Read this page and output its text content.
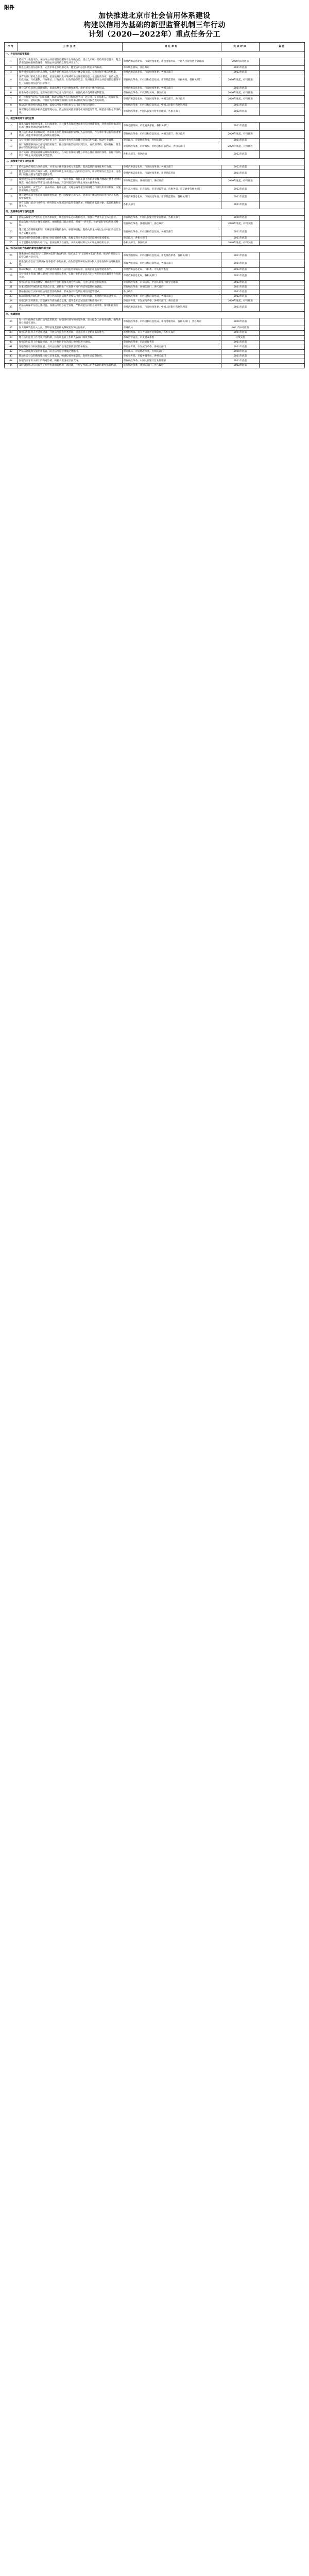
附件
加快推进北京市社会信用体系建设
构建以信用为基础的新型监管机制三年行动
计划（2020—2022年）重点任务分工
序号	工作任务	责任单位	完成时限	备注
一、夯实信用监管基础				
1	依托市大数据平台，加快市公共信用信息服务平台升级改造，建立全市统一的信用信息目录，健全信用信息标准规范体系，推进公共信用信息归集共享工作。	市经济和信息化局、市发展改革委、市政务服务局、中国人民银行营业管理部	2020年6月底前	
2	推进企业信用信息归集，完善市场主体信用记录，健全信用信息归集目录和标准。	市市场监管局，各区政府	2021年底前	
3	推进重点领域信用信息归集，实现各类信用信息与市场主体全面关联，完善市场主体信用档案。	市经济和信息化局、市发展改革委，各相关部门	2022年底前	
4	各有关部门要结合自身职责，依法依规归集本领域市场主体信用信息，包括行政许可、行政处罚、行政检查、行政强制、行政确认、行政裁决、行政奖励等信息，及时推送至市公共信用信息服务平台，实现信用信息“应归尽归”。	市发展改革委、市经济和信息化局、市市场监管局、市税务局，各相关部门	2020年底起，持续推进	
5	建立信用信息异议处理机制，依法依规完善信用修复流程，保护市场主体合法权益。	市经济和信息化局、市发展改革委，各相关部门	2021年底前	
6	推进政务诚信建设，完善政府部门和公务员信用记录，加强政府守信践诺机制建设。	市发展改革委、市政务服务局，各区政府	2020年底起，持续推进	
7	进一步优化“信用+”应用场景，推动信用报告在行政管理中的广泛应用，在市场准入、资质审核、政府采购、招标投标、评优评先等领域全面推行信用承诺制度和信用报告查询制度。	市经济和信息化局、市发展改革委，各相关部门，各区政府	2020年底起，持续推进	
8	推动信用服务机构规范发展，鼓励信用服务机构参与信用监管和信用评价。	市发展改革委、市经济和信息化局，中国人民银行营业管理部	2021年底前	
9	研究制定信用服务机构监督管理办法，依法加强对信用服务机构的监督管理，规范信用服务市场秩序。	市发展改革委、中国人民银行营业管理部，各相关部门	2022年底前	
二、健全事前环节信用监管				
10	深化行政审批制度改革，在行政审批、公共服务等领域全面推行信用承诺制度，对作出信用承诺的市场主体提供容缺受理等便利。	市政务服务局、市发展改革委，各相关部门	2021年底前	
11	建立信用承诺书管理制度，将市场主体信用承诺履约情况记入信用档案，作为事中事后监管的重要依据，对违背承诺的依法依规实施惩戒。	市发展改革委、市经济和信息化局，各相关部门，各区政府	2020年底起，持续推进	
12	支持行业协会商会开展信用评价工作，鼓励行业协会商会建立会员信用档案，推动行业自律。	市民政局、市发展改革委，各相关部门	2021年底前	
13	在行政管理事项中全面使用信用报告，推动信用报告结果实现互认，在政府采购、招标投标、资金扶持等领域率先推广应用。	市发展改革委、市财政局、市经济和信息化局，各相关部门	2020年底起，持续推进	
14	各有关部门要依据法律法规和政策规定，在本行业领域内建立市场主体信用评价体系，依据评价结果对市场主体实施分级分类监管。	各相关部门，各区政府	2022年底前	
三、加强事中环节信用监管				
15	依托公共信用综合评价结果，对市场主体实施分级分类监管，提高监管的精准性和有效性。	市经济和信息化局、市发展改革委，各相关部门	2022年底前	
16	健全公共信用综合评价体系，定期对市场主体开展公共信用综合评价，评价结果向社会公开，为各部门实施分级分类监管提供参考。	市经济和信息化局、市发展改革委、市市场监管局	2021年底前	
17	探索建立以信用为基础的“双随机、一公开”监管机制，根据市场主体信用等级合理确定抽查比例和频次，对信用良好的市场主体减少抽查，对信用较差的市场主体加大抽查力度。	市市场监管局，各相关部门，各区政府	2020年底起，持续推进	
18	在生态环境、安全生产、食品药品、税收征管、交通运输等重点领域建立行业信用评价制度，实施信用分级分类监管。	市生态环境局、市应急局、市市场监管局、市税务局、市交通委等相关部门	2022年底前	
19	建立健全市场主体信用风险预警机制，依托大数据分析技术，对市场主体信用风险进行动态监测、预警和处置。	市经济和信息化局、市发展改革委、市市场监管局，各相关部门	2021年底前	
20	各有关部门结合行业特点，研究制定本领域信用监管措施清单，明确信用监管对象、监管措施和实施主体。	各相关部门	2021年底前	
四、完善事后环节信用监管				
21	依法依规建立严重失信主体名单制度，规范名单认定标准和程序，加强对严重失信主体的监管。	市发展改革委、中国人民银行营业管理部，各相关部门	2020年底前	
22	依法依规对失信主体实施惩戒，加强跨部门联合惩戒，形成“一处失信、处处受限”的信用惩戒格局。	市发展改革委，各相关部门，各区政府	2020年底起，持续实施	
23	建立健全信用修复机制，明确信用修复的条件、标准和流程，鼓励失信主体通过主动纠正失信行为等方式修复信用。	市发展改革委、市经济和信息化局，各相关部门	2021年底前	
24	推动行业协会商会建立健全行业信用惩戒机制，依据章程对失信会员采取相应惩戒措施。	市民政局，各相关部门	2021年底前	
25	对于监管中发现的失信行为，依法依规予以查处，并将处理结果记入市场主体信用记录。	各相关部门，各区政府	2020年底起，持续实施	
五、强化以信用为基础的新型监管机制支撑				
26	探索建立信用监管与“互联网+监管”融合机制，依托北京市“互联网+监管”系统，推动信用信息与监管信息共享应用。	市政务服务局、市经济和信息化局、市发展改革委，各相关部门	2021年底前	
27	推进信用信息在“互联网+政务服务”中的应用，在政务服务事项办理中嵌入信用查询和信用核查功能。	市政务服务局、市经济和信息化局，各相关部门	2021年底前	
28	推动大数据、人工智能、区块链等新技术在信用监管中的应用，提高信用监管智能化水平。	市经济和信息化局、市科委、中关村管委会	2022年底前	
29	支持行业主管部门建立健全行业信用信息系统，实现行业信用信息与市公共信用信息服务平台互联互通。	市经济和信息化局，各相关部门	2021年底前	
30	加强信用监管法治建设，推动出台社会信用相关地方性法规，完善信用监管制度规范。	市发展改革委、市司法局，中国人民银行营业管理部	2022年底前	
31	在重点领域开展信用监管试点示范，总结推广可复制可推广的信用监管经验做法。	市发展改革委，各相关部门，各区政府	2021年底前	
32	鼓励各区结合实际开展信用监管创新探索，形成各具特色的区域信用监管模式。	各区政府	2021年底前	
33	推动京津冀区域信用合作，建立区域信用信息共享和信用监管协同机制，推进跨区域联合奖惩。	市发展改革委、市经济和信息化局，各相关部门	2022年底前	
34	加强信用宣传教育，营造诚实守信的社会氛围，提升全社会诚信意识和信用水平。	市委宣传部、市发展改革委，各相关部门，各区政府	2020年底起，持续推进	
35	依法依规保护信息主体权益，加强信用信息安全管理，严格规范信用信息的采集、使用和披露行为。	市经济和信息化局、市发展改革委，中国人民银行营业管理部	2021年底前	
六、保障措施				
36	进一步明确各有关部门信用监管职责，加强组织领导和统筹协调，建立健全工作推进机制，确保各项任务落实到位。	市发展改革委、市经济和信息化局、市政务服务局，各相关部门，各区政府	2020年底前	
37	加大财政资金投入力度，保障信用监管相关系统建设和运行维护。	市财政局	2021年6月底前	
38	加强信用监管人才队伍建设，开展信用监管业务培训，提升监管人员信用监管能力。	市委组织部、市人力资源社会保障局，各相关部门	2021年底前	
39	建立信用监管工作考核评价机制，将信用监管工作纳入各部门绩效考核。	市政府督查室、市发展改革委	持续实施	
40	加强信用监管工作督促检查，对工作推进不力的部门和单位进行通报。	市发展改革委、市政府督查室	2021年底前	
41	加强舆论引导和宣传报道，及时总结推广信用监管典型经验和做法。	市委宣传部、市发展改革委，各相关部门	2021年底前	
42	严格依法依规实施信用监管，防止信用监管措施泛化滥用。	市司法局、市发展改革委，各相关部门	2020年底前	
43	推动社会公众和新闻媒体参与信用监管，畅通投诉举报渠道，发挥社会监督作用。	市委宣传部、市政务服务局，各相关部门	2021年底前	
44	加强与国家有关部门的沟通协调，积极争取国家层面支持。	市发展改革委、中国人民银行营业管理部	2021年底前	
45	及时研究解决信用监管工作中出现的新情况、新问题，不断完善以信用为基础的新型监管机制。	市发展改革委，各相关部门，各区政府	2022年底前	
